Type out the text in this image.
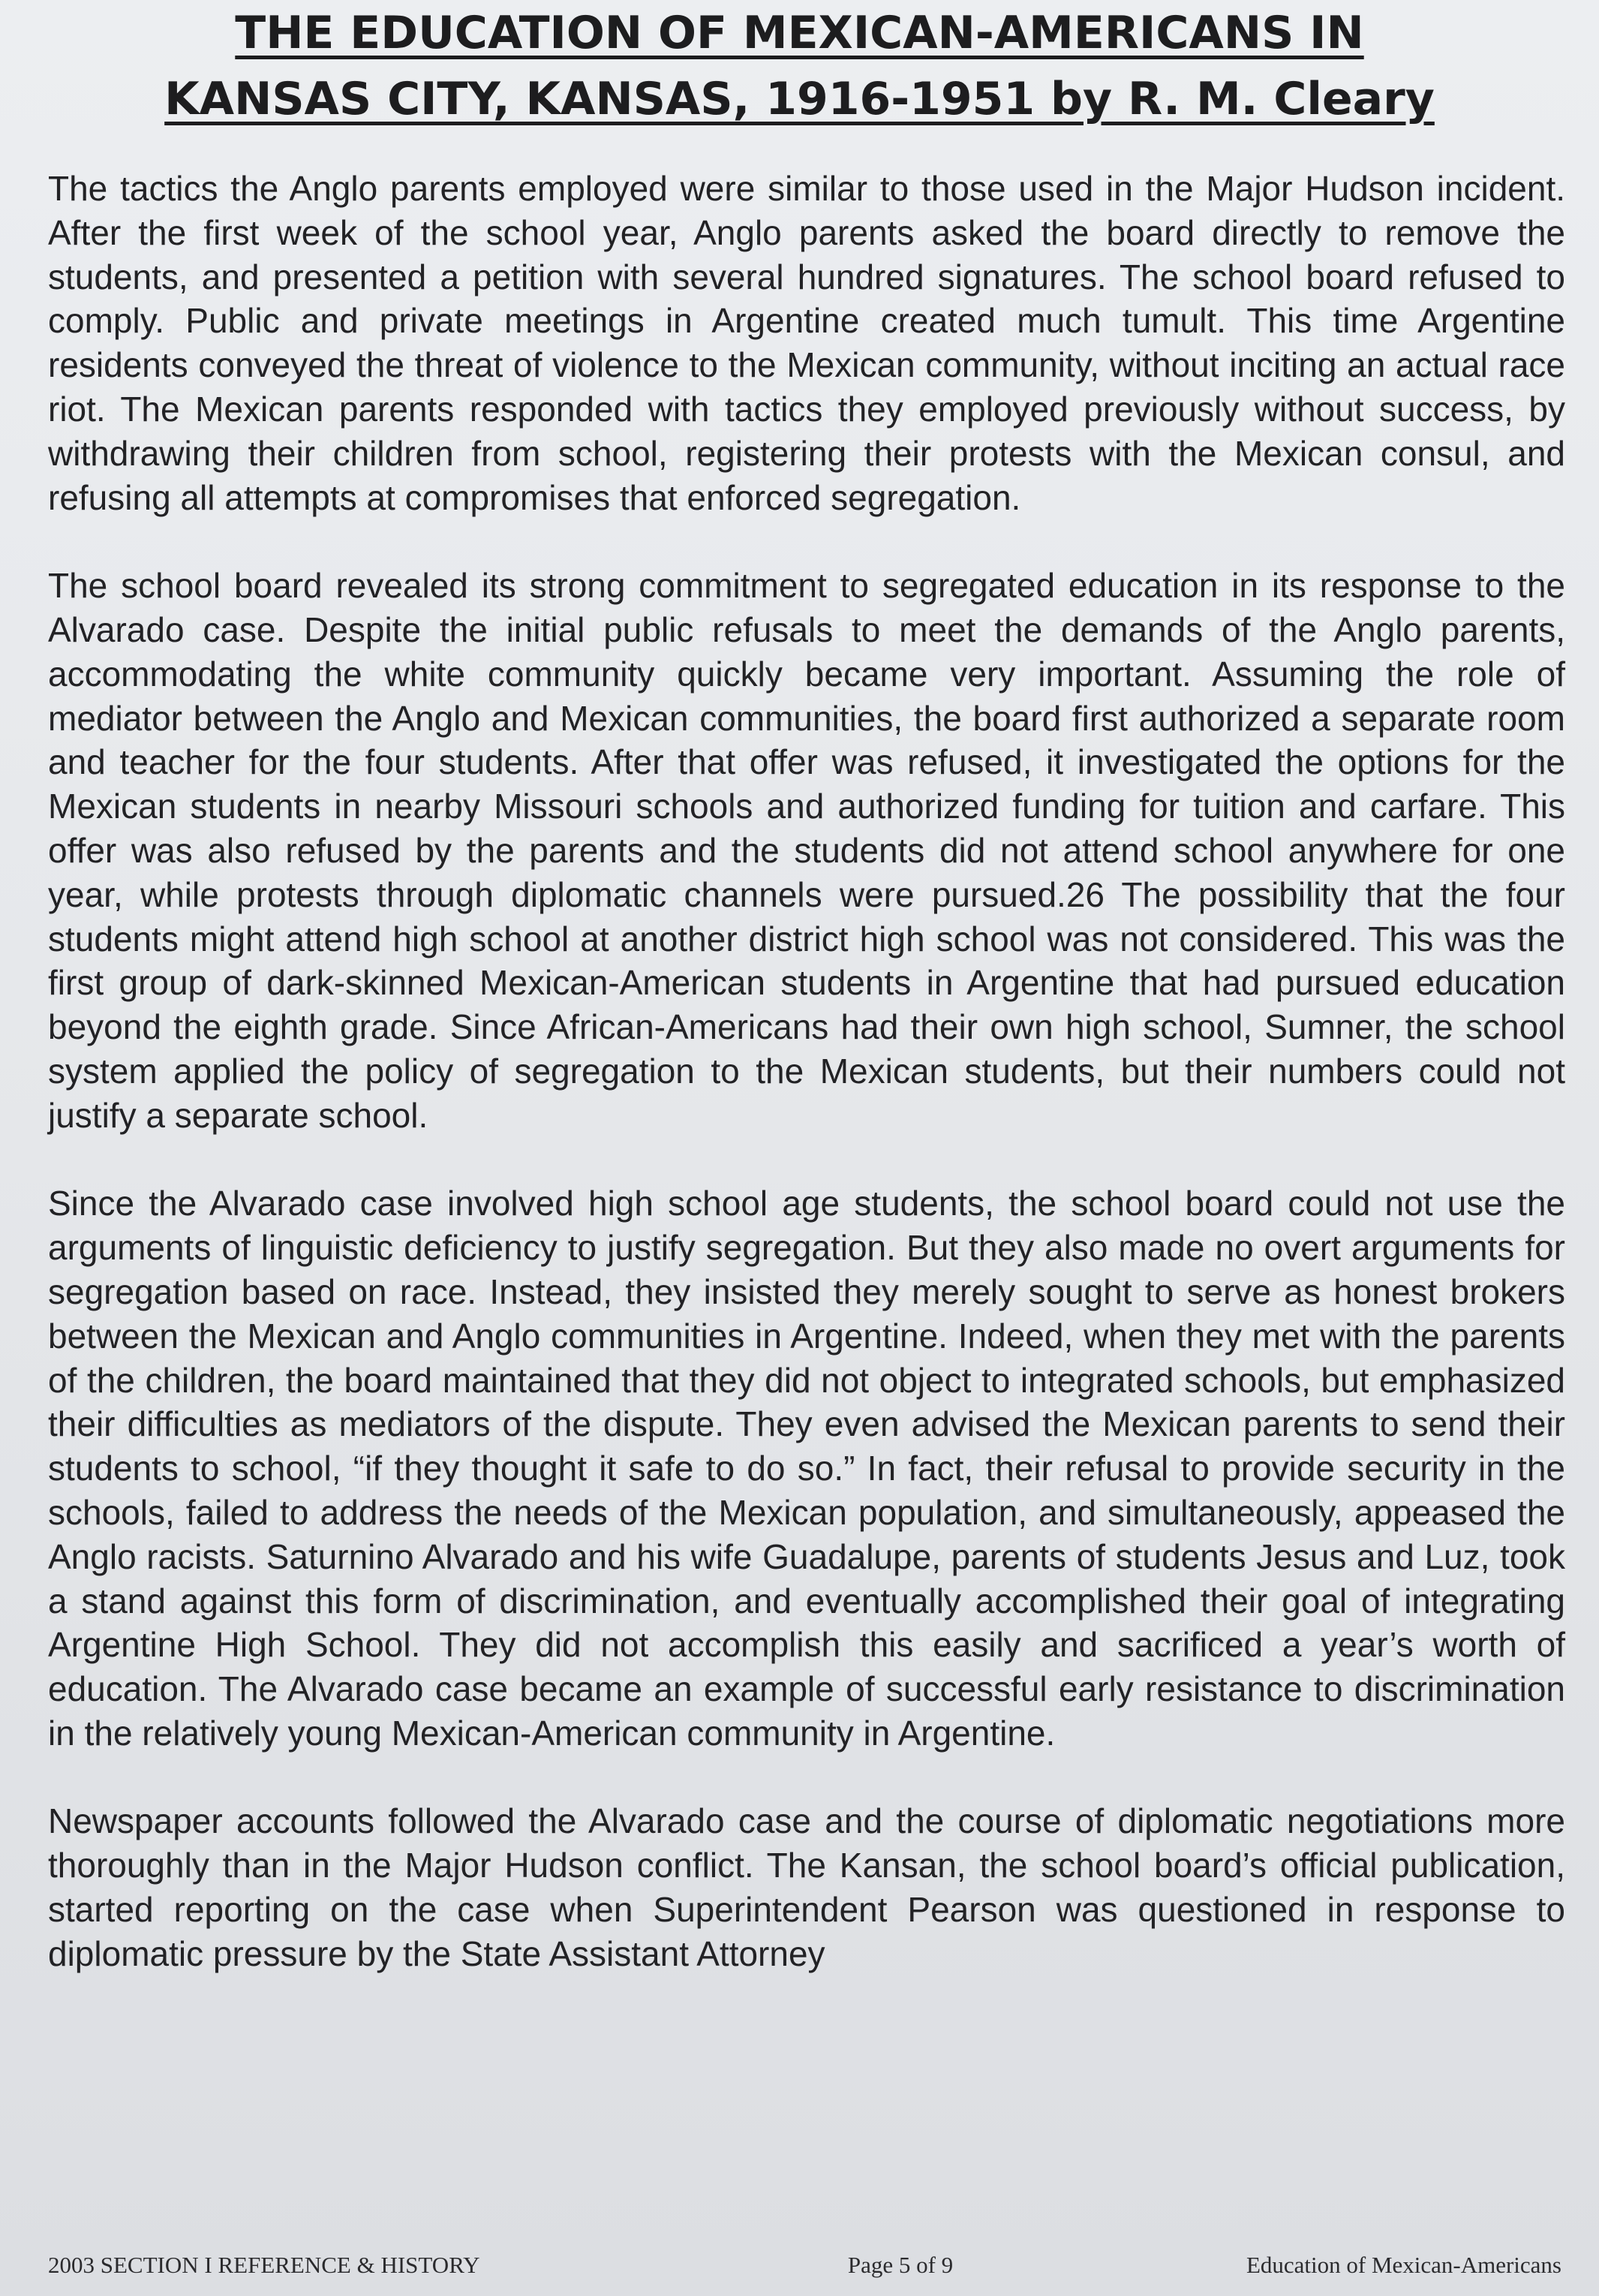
THE EDUCATION OF MEXICAN-AMERICANS IN
KANSAS CITY, KANSAS, 1916-1951 by R. M. Cleary

The tactics the Anglo parents employed were similar to those used in the Major Hudson incident. After the first week of the school year, Anglo parents asked the board directly to remove the students, and presented a petition with several hundred signatures. The school board refused to comply. Public and private meetings in Argentine created much tumult. This time Argentine residents conveyed the threat of violence to the Mexican community, without inciting an actual race riot. The Mexican parents responded with tactics they employed previously without success, by withdrawing their children from school, registering their protests with the Mexican consul, and refusing all attempts at compromises that enforced segregation.

The school board revealed its strong commitment to segregated education in its response to the Alvarado case. Despite the initial public refusals to meet the demands of the Anglo parents, accommodating the white community quickly became very important. Assuming the role of mediator between the Anglo and Mexican communities, the board first authorized a separate room and teacher for the four students. After that offer was refused, it investigated the options for the Mexican students in nearby Missouri schools and authorized funding for tuition and carfare. This offer was also refused by the parents and the students did not attend school anywhere for one year, while protests through diplomatic channels were pursued.26 The possibility that the four students might attend high school at another district high school was not considered. This was the first group of dark-skinned Mexican-American students in Argentine that had pursued education beyond the eighth grade. Since African-Americans had their own high school, Sumner, the school system applied the policy of segregation to the Mexican students, but their numbers could not justify a separate school.

Since the Alvarado case involved high school age students, the school board could not use the arguments of linguistic deficiency to justify segregation. But they also made no overt arguments for segregation based on race. Instead, they insisted they merely sought to serve as honest brokers between the Mexican and Anglo communities in Argentine. Indeed, when they met with the parents of the children, the board maintained that they did not object to integrated schools, but emphasized their difficulties as mediators of the dispute. They even advised the Mexican parents to send their students to school, “if they thought it safe to do so.” In fact, their refusal to provide security in the schools, failed to address the needs of the Mexican population, and simultaneously, appeased the Anglo racists. Saturnino Alvarado and his wife Guadalupe, parents of students Jesus and Luz, took a stand against this form of discrimination, and eventually accomplished their goal of integrating Argentine High School. They did not accomplish this easily and sacrificed a year’s worth of education. The Alvarado case became an example of successful early resistance to discrimination in the relatively young Mexican-American community in Argentine.

Newspaper accounts followed the Alvarado case and the course of diplomatic negotiations more thoroughly than in the Major Hudson conflict. The Kansan, the school board’s official publication, started reporting on the case when Superintendent Pearson was questioned in response to diplomatic pressure by the State Assistant Attorney

2003 SECTION I REFERENCE & HISTORY	Page 5 of 9	Education of Mexican-Americans
